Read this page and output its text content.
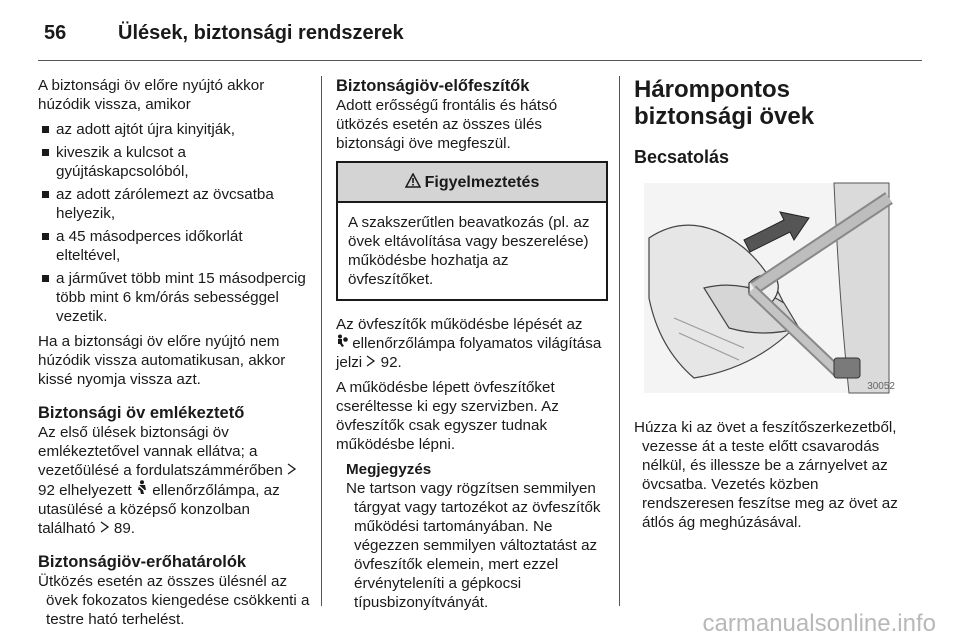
56	Ülések, biztonsági rendszerek

A biztonsági öv előre nyújtó akkor húzódik vissza, amikor

az adott ajtót újra kinyitják,
kiveszik a kulcsot a gyújtáskapcsolóból,
az adott zárólemezt az övcsatba helyezik,
a 45 másodperces időkorlát elteltével,
a járművet több mint 15 másodpercig több mint 6 km/órás sebességgel vezetik.

Ha a biztonsági öv előre nyújtó nem húzódik vissza automatikusan, akkor kissé nyomja vissza azt.

Biztonsági öv emlékeztető

Az első ülések biztonsági öv emlékeztetővel vannak ellátva; a vezetőülésé a fordulatszámmérőben  92 elhelyezett ellenőrzőlámpa, az utasülésé a középső konzolban található 89.

Biztonságiöv-erőhatárolók

Ütközés esetén az összes ülésnél az övek fokozatos kiengedése csökkenti a testre ható terhelést.

Biztonságiöv-előfeszítők

Adott erősségű frontális és hátsó ütközés esetén az összes ülés biztonsági öve megfeszül.

Figyelmeztetés
A szakszerűtlen beavatkozás (pl. az övek eltávolítása vagy beszerelése) működésbe hozhatja az övfeszítőket.

Az övfeszítők működésbe lépését az
ellenőrzőlámpa folyamatos világítása jelzi 92.

A működésbe lépett övfeszítőket cseréltesse ki egy szervizben. Az övfeszítők csak egyszer tudnak működésbe lépni.

Megjegyzés
Ne tartson vagy rögzítsen semmilyen tárgyat vagy tartozékot az övfeszítők működési tartományában. Ne végezzen semmilyen változtatást az övfeszítők elemein, mert ezzel érvényteleníti a gépkocsi típusbizonyítványát.
Hárompontos biztonsági övek
Becsatolás
30052

Húzza ki az övet a feszítőszerkezetből, vezesse át a teste előtt csavarodás nélkül, és illessze be a zárnyelvet az övcsatba. Vezetés közben rendszeresen feszítse meg az övet az átlós ág meghúzásával.

carmanualsonline.info
